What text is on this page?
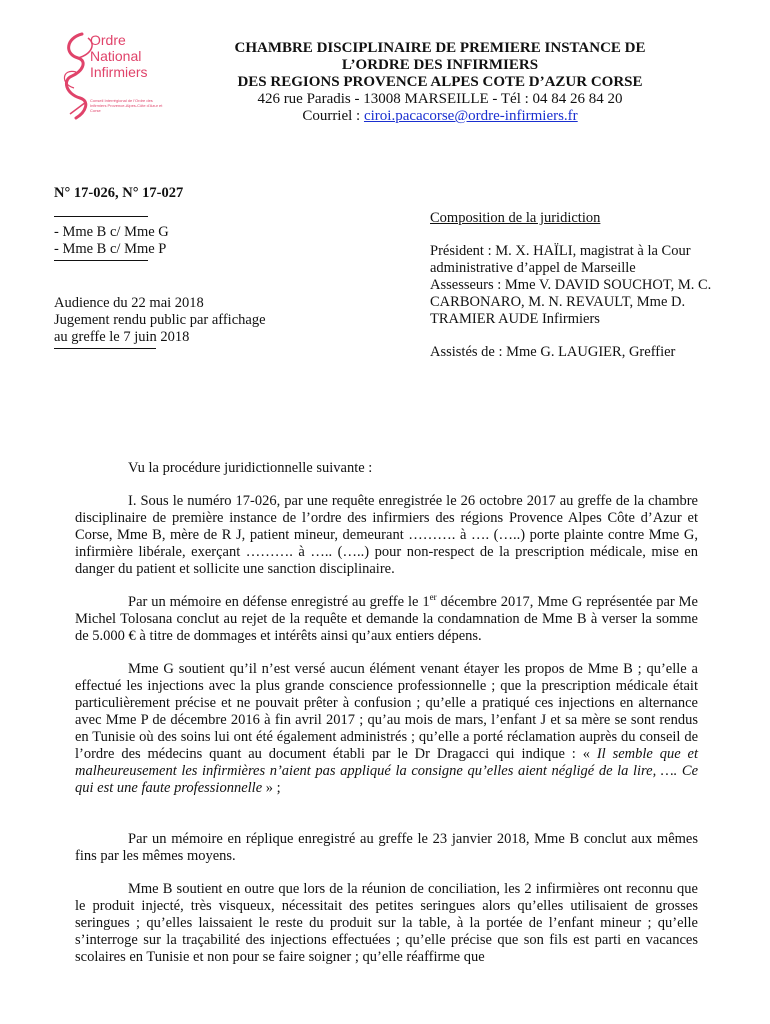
Ordre
National
Infirmiers
Conseil Interrégional de l'Ordre des Infirmiers Provence-Alpes-Côte d'Azur et Corse
CHAMBRE DISCIPLINAIRE DE PREMIERE INSTANCE DE
L’ORDRE DES INFIRMIERS
DES REGIONS PROVENCE ALPES COTE D’AZUR CORSE
426 rue Paradis - 13008 MARSEILLE - Tél : 04 84 26 84 20
Courriel : ciroi.pacacorse@ordre-infirmiers.fr
N° 17-026, N° 17-027
- Mme B c/ Mme G
- Mme B c/ Mme P
Audience du 22 mai 2018
Jugement rendu public par affichage
au greffe le 7 juin 2018
Composition de la juridiction
Président : M. X. HAÏLI, magistrat à la Cour administrative d’appel de Marseille
Assesseurs : Mme V. DAVID SOUCHOT, M. C. CARBONARO, M. N. REVAULT, Mme D. TRAMIER AUDE Infirmiers
Assistés de : Mme G. LAUGIER, Greffier

Vu la procédure juridictionnelle suivante :

I. Sous le numéro 17-026, par une requête enregistrée le 26 octobre 2017 au greffe de la chambre disciplinaire de première instance de l’ordre des infirmiers des régions Provence Alpes Côte d’Azur et Corse, Mme B, mère de R J, patient mineur, demeurant ………. à …. (…..) porte plainte contre Mme G, infirmière libérale, exerçant ………. à ….. (…..) pour non-respect de la prescription médicale, mise en danger du patient et sollicite une sanction disciplinaire.

Par un mémoire en défense enregistré au greffe le 1er décembre 2017, Mme G représentée par Me Michel Tolosana conclut au rejet de la requête et demande la condamnation de Mme B à verser la somme de 5.000 € à titre de dommages et intérêts ainsi qu’aux entiers dépens.

Mme G soutient qu’il n’est versé aucun élément venant étayer les propos de Mme B ; qu’elle a effectué les injections avec la plus grande conscience professionnelle ; que la prescription médicale était particulièrement précise et ne pouvait prêter à confusion ; qu’elle a pratiqué ces injections en alternance avec Mme P de décembre 2016 à fin avril 2017 ; qu’au mois de mars, l’enfant J et sa mère se sont rendus en Tunisie où des soins lui ont été également administrés ; qu’elle a porté réclamation auprès du conseil de l’ordre des médecins quant au document établi par le Dr Dragacci qui indique : « Il semble que et malheureusement les infirmières n’aient pas appliqué la consigne qu’elles aient négligé de la lire, …. Ce qui est une faute professionnelle » ;

Par un mémoire en réplique enregistré au greffe le 23 janvier 2018, Mme B conclut aux mêmes fins par les mêmes moyens.

Mme B soutient en outre que lors de la réunion de conciliation, les 2 infirmières ont reconnu que le produit injecté, très visqueux, nécessitait des petites seringues alors qu’elles utilisaient de grosses seringues ; qu’elles laissaient le reste du produit sur la table, à la portée de l’enfant mineur ; qu’elle s’interroge sur la traçabilité des injections effectuées ; qu’elle précise que son fils est parti en vacances scolaires en Tunisie et non pour se faire soigner ; qu’elle réaffirme que
